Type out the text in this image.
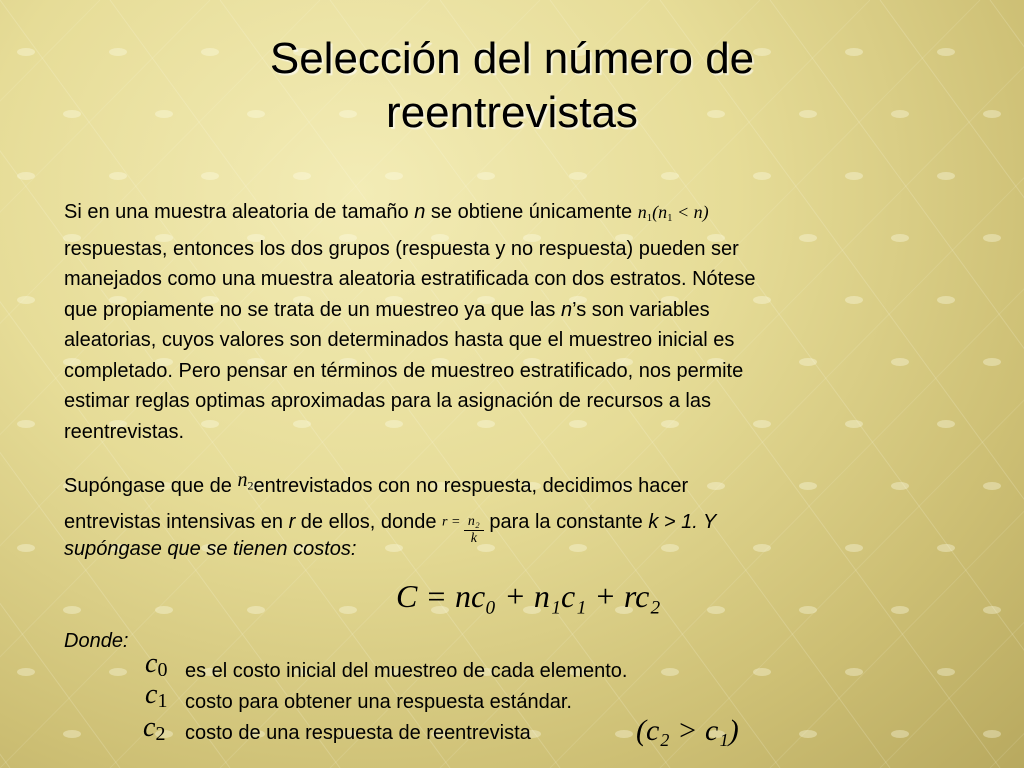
Selección del número de
reentrevistas
Si en una muestra aleatoria de tamaño n se obtiene únicamente $n_1(n_1 < n)$
respuestas, entonces los dos grupos (respuesta y no respuesta) pueden ser
manejados como una muestra aleatoria estratificada con dos estratos. Nótese
que propiamente no se trata de un muestreo ya que las n’s son variables
aleatorias, cuyos valores son determinados hasta que el muestreo inicial es
completado. Pero pensar en términos de muestreo estratificado, nos permite
estimar reglas optimas aproximadas para la asignación de recursos a las
reentrevistas.
Supóngase que de $n_2entrevistados$ con no respuesta, decidimos hacer
entrevistas intensivas en r de ellos, donde $r = \frac{\text{n₂}}{k}$ para la constante k > 1. Y
supóngase que se tienen costos:
C = nc₀ + n₁c₁ + rc₂
Donde:
c0 es el costo inicial del muestreo de cada elemento.
c1 costo para obtener una respuesta estándar.
c2 costo de una respuesta de reentrevista	(c₂ > c₁)
